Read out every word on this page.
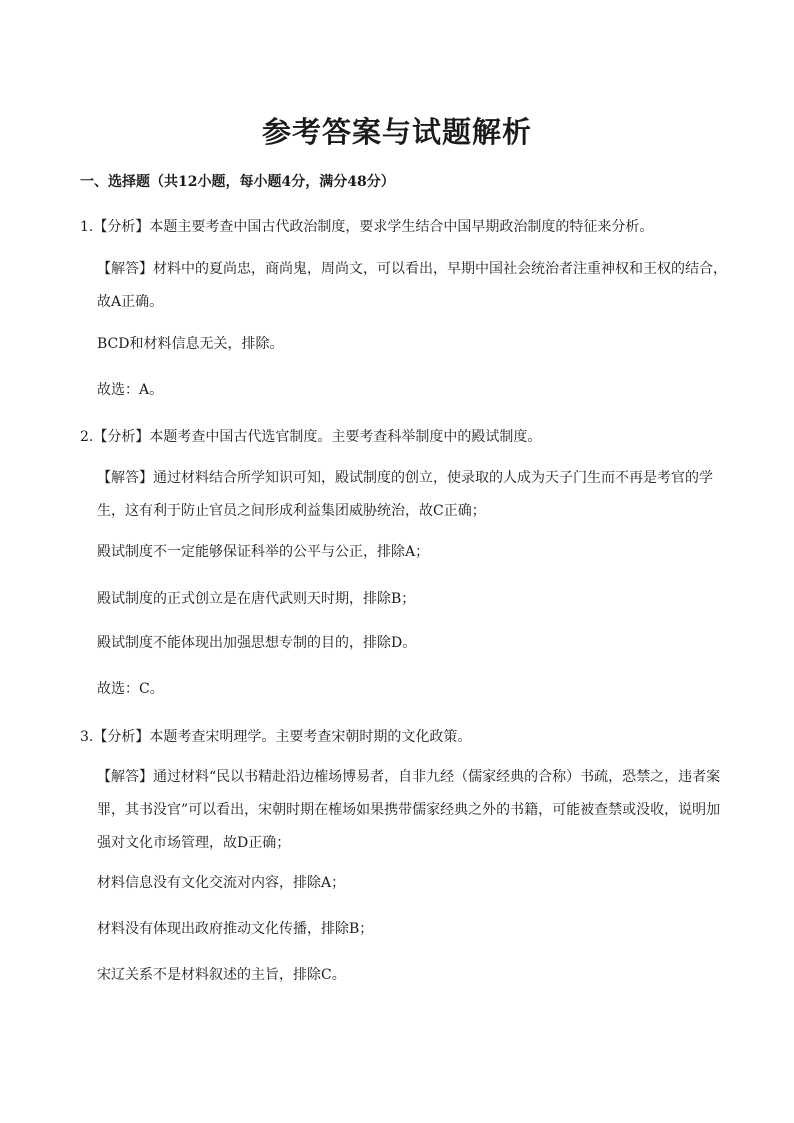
参考答案与试题解析
一、选择题（共12小题，每小题4分，满分48分）
1.【分析】本题主要考查中国古代政治制度，要求学生结合中国早期政治制度的特征来分析。
【解答】材料中的夏尚忠，商尚鬼，周尚文，可以看出，早期中国社会统治者注重神权和王权的结合，故A正确。
BCD和材料信息无关，排除。
故选：A。
2.【分析】本题考查中国古代选官制度。主要考查科举制度中的殿试制度。
【解答】通过材料结合所学知识可知，殿试制度的创立，使录取的人成为天子门生而不再是考官的学生，这有利于防止官员之间形成利益集团威胁统治，故C正确；
殿试制度不一定能够保证科举的公平与公正，排除A；
殿试制度的正式创立是在唐代武则天时期，排除B；
殿试制度不能体现出加强思想专制的目的，排除D。
故选：C。
3.【分析】本题考查宋明理学。主要考查宋朝时期的文化政策。
【解答】通过材料“民以书精赴沿边榷场博易者，自非九经（儒家经典的合称）书疏，恐禁之，违者案罪，其书没官”可以看出，宋朝时期在榷场如果携带儒家经典之外的书籍，可能被查禁或没收，说明加强对文化市场管理，故D正确；
材料信息没有文化交流对内容，排除A；
材料没有体现出政府推动文化传播，排除B；
宋辽关系不是材料叙述的主旨，排除C。
